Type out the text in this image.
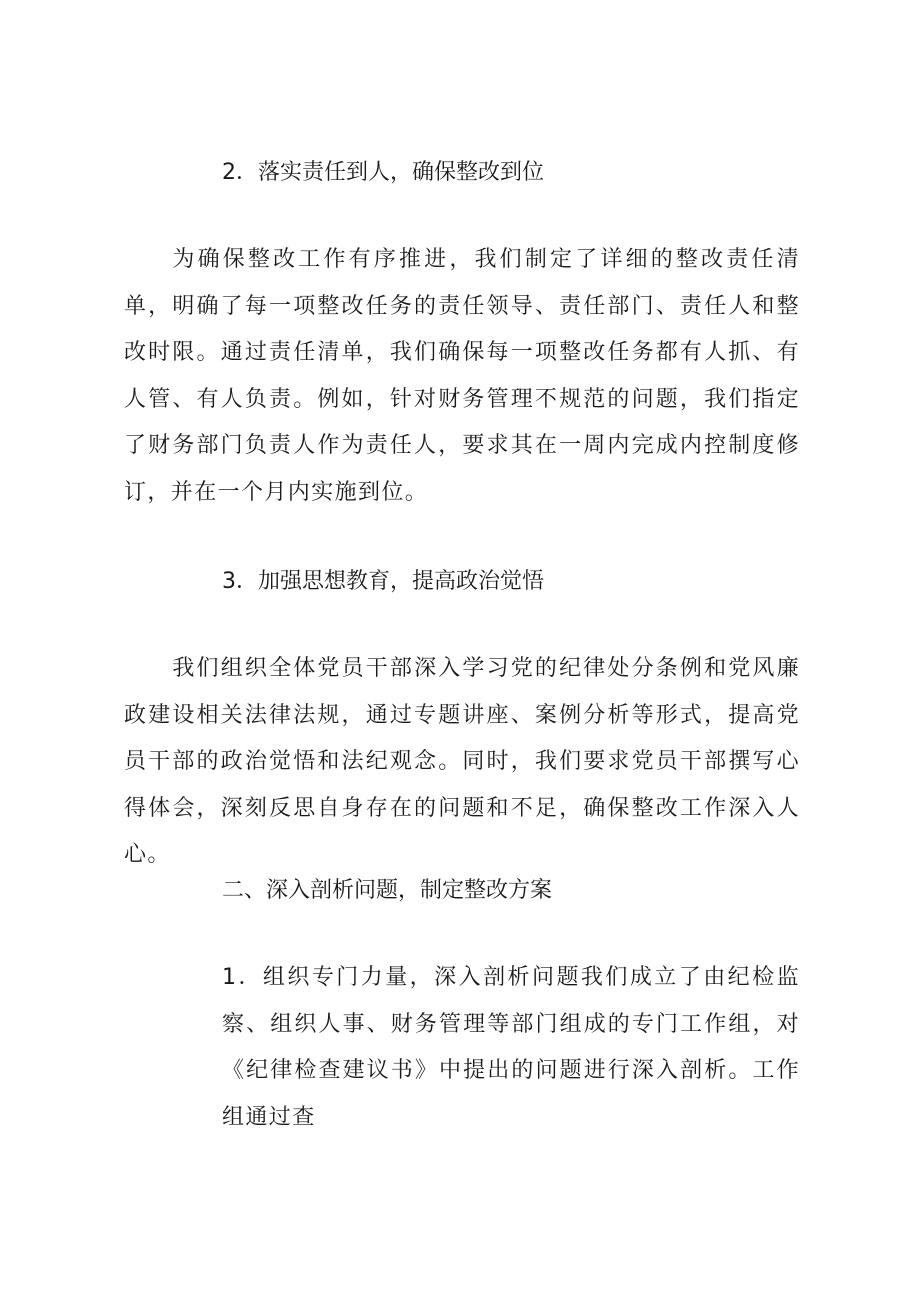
2．落实责任到人，确保整改到位
为确保整改工作有序推进，我们制定了详细的整改责任清单，明确了每一项整改任务的责任领导、责任部门、责任人和整改时限。通过责任清单，我们确保每一项整改任务都有人抓、有人管、有人负责。例如，针对财务管理不规范的问题，我们指定了财务部门负责人作为责任人，要求其在一周内完成内控制度修订，并在一个月内实施到位。
3．加强思想教育，提高政治觉悟
我们组织全体党员干部深入学习党的纪律处分条例和党风廉政建设相关法律法规，通过专题讲座、案例分析等形式，提高党员干部的政治觉悟和法纪观念。同时，我们要求党员干部撰写心得体会，深刻反思自身存在的问题和不足，确保整改工作深入人心。
二、深入剖析问题，制定整改方案
1．组织专门力量，深入剖析问题我们成立了由纪检监察、组织人事、财务管理等部门组成的专门工作组，对《纪律检查建议书》中提出的问题进行深入剖析。工作组通过查
